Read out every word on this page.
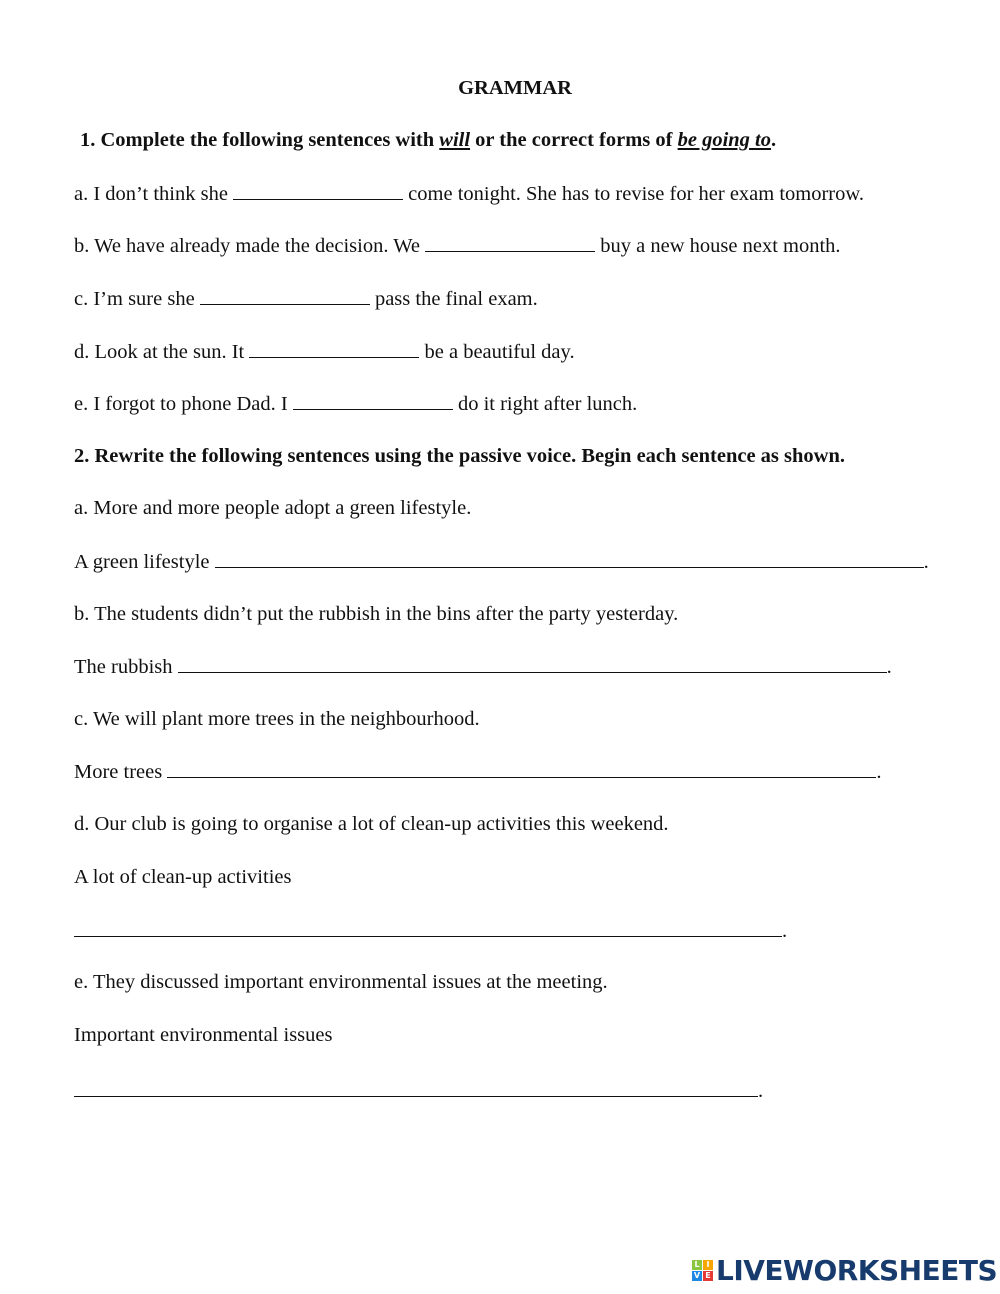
GRAMMAR
1. Complete the following sentences with will or the correct forms of be going to.
a. I don’t think she	come tonight. She has to revise for her exam tomorrow.
b. We have already made the decision. We	buy a new house next month.
c. I’m sure she	pass the final exam.
d. Look at the sun. It	be a beautiful day.
e. I forgot to phone Dad. I	do it right after lunch.
2. Rewrite the following sentences using the passive voice. Begin each sentence as shown.
a. More and more people adopt a green lifestyle.
A green lifestyle	.
b. The students didn’t put the rubbish in the bins after the party yesterday.
The rubbish	.
c. We will plant more trees in the neighbourhood.
More trees	.
d. Our club is going to organise a lot of clean-up activities this weekend.
A lot of clean-up activities
.
e. They discussed important environmental issues at the meeting.
Important environmental issues
.
L I
V E LIVEWORKSHEETS
